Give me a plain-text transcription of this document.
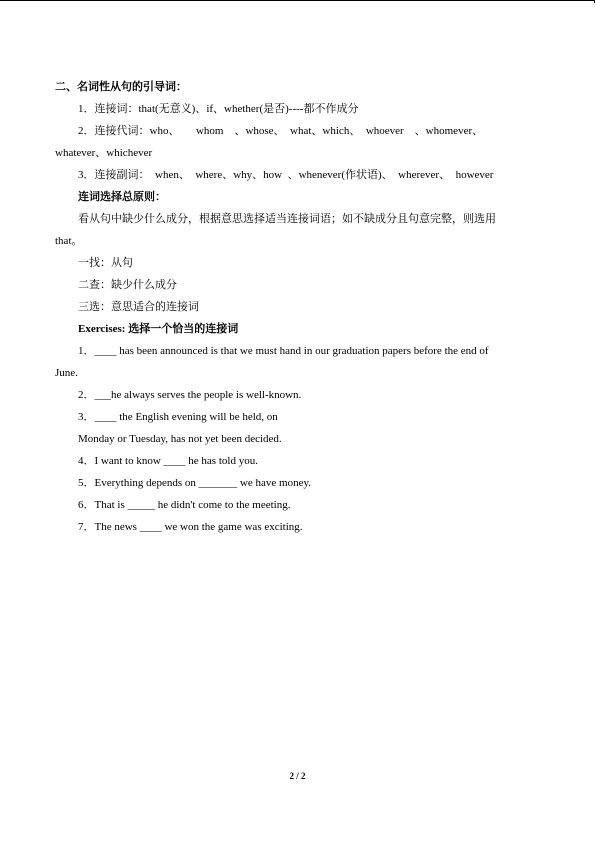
二、名词性从句的引导词：
1．连接词：that(无意义)、if、whether(是否)----都不作成分
2．连接代词：who、　　whom　、whose、　what、which、　whoever　、whomever、
whatever、whichever
3．连接副词：  when、  where、why、how  、whenever(作状语)、  wherever、  however
连词选择总原则：
看从句中缺少什么成分，根据意思选择适当连接词语；如不缺成分且句意完整，则选用
that。
一找：从句
二查：缺少什么成分
三选：意思适合的连接词
Exercises: 选择一个恰当的连接词
1．____ has been announced is that we must hand in our graduation papers before the end of
June.
2．___he always serves the people is well-known.
3．____ the English evening will be held, on
Monday or Tuesday, has not yet been decided.
4．I want to know ____ he has told you.
5．Everything depends on _______ we have money.
6．That is _____ he didn't come to the meeting.
7．The news ____ we won the game was exciting.
2 / 2
